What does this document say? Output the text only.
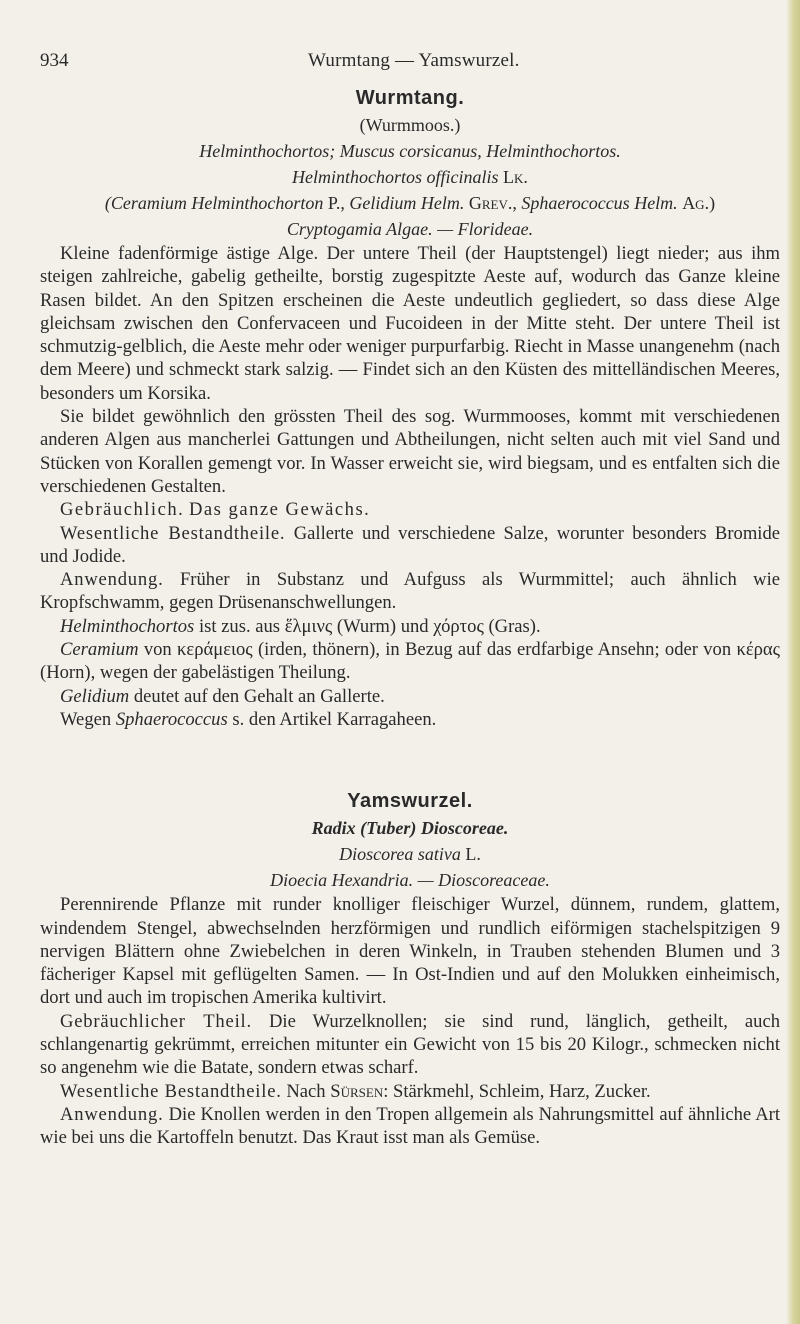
934	Wurmtang — Yamswurzel.
Wurmtang.
(Wurmmoos.)
Helminthochortos; Muscus corsicanus, Helminthochortos.
Helminthochortos officinalis Lk.
(Ceramium Helminthochorton P., Gelidium Helm. Grev., Sphaerococcus Helm. Ag.)
Cryptogamia Algae. — Florideae.

Kleine fadenförmige ästige Alge. Der untere Theil (der Hauptstengel) liegt nieder; aus ihm steigen zahlreiche, gabelig getheilte, borstig zugespitzte Aeste auf, wodurch das Ganze kleine Rasen bildet. An den Spitzen erscheinen die Aeste undeutlich gegliedert, so dass diese Alge gleichsam zwischen den Confervaceen und Fucoideen in der Mitte steht. Der untere Theil ist schmutzig-gelblich, die Aeste mehr oder weniger purpurfarbig. Riecht in Masse unangenehm (nach dem Meere) und schmeckt stark salzig. — Findet sich an den Küsten des mittelländischen Meeres, besonders um Korsika.

Sie bildet gewöhnlich den grössten Theil des sog. Wurmmooses, kommt mit verschiedenen anderen Algen aus mancherlei Gattungen und Abtheilungen, nicht selten auch mit viel Sand und Stücken von Korallen gemengt vor. In Wasser erweicht sie, wird biegsam, und es entfalten sich die verschiedenen Gestalten.

Gebräuchlich. Das ganze Gewächs.

Wesentliche Bestandtheile. Gallerte und verschiedene Salze, worunter besonders Bromide und Jodide.

Anwendung. Früher in Substanz und Aufguss als Wurmmittel; auch ähnlich wie Kropfschwamm, gegen Drüsenanschwellungen.

Helminthochortos ist zus. aus ἕλμινς (Wurm) und χόρτος (Gras).

Ceramium von κεράμειος (irden, thönern), in Bezug auf das erdfarbige Ansehn; oder von κέρας (Horn), wegen der gabelästigen Theilung.

Gelidium deutet auf den Gehalt an Gallerte.

Wegen Sphaerococcus s. den Artikel Karragaheen.

Yamswurzel.
Radix (Tuber) Dioscoreae.
Dioscorea sativa L.
Dioecia Hexandria. — Dioscoreaceae.

Perennirende Pflanze mit runder knolliger fleischiger Wurzel, dünnem, rundem, glattem, windendem Stengel, abwechselnden herzförmigen und rundlich eiförmigen stachelspitzigen 9 nervigen Blättern ohne Zwiebelchen in deren Winkeln, in Trauben stehenden Blumen und 3 fächeriger Kapsel mit geflügelten Samen. — In Ost-Indien und auf den Molukken einheimisch, dort und auch im tropischen Amerika kultivirt.

Gebräuchlicher Theil. Die Wurzelknollen; sie sind rund, länglich, getheilt, auch schlangenartig gekrümmt, erreichen mitunter ein Gewicht von 15 bis 20 Kilogr., schmecken nicht so angenehm wie die Batate, sondern etwas scharf.

Wesentliche Bestandtheile. Nach Sürsen: Stärkmehl, Schleim, Harz, Zucker.

Anwendung. Die Knollen werden in den Tropen allgemein als Nahrungsmittel auf ähnliche Art wie bei uns die Kartoffeln benutzt. Das Kraut isst man als Gemüse.
